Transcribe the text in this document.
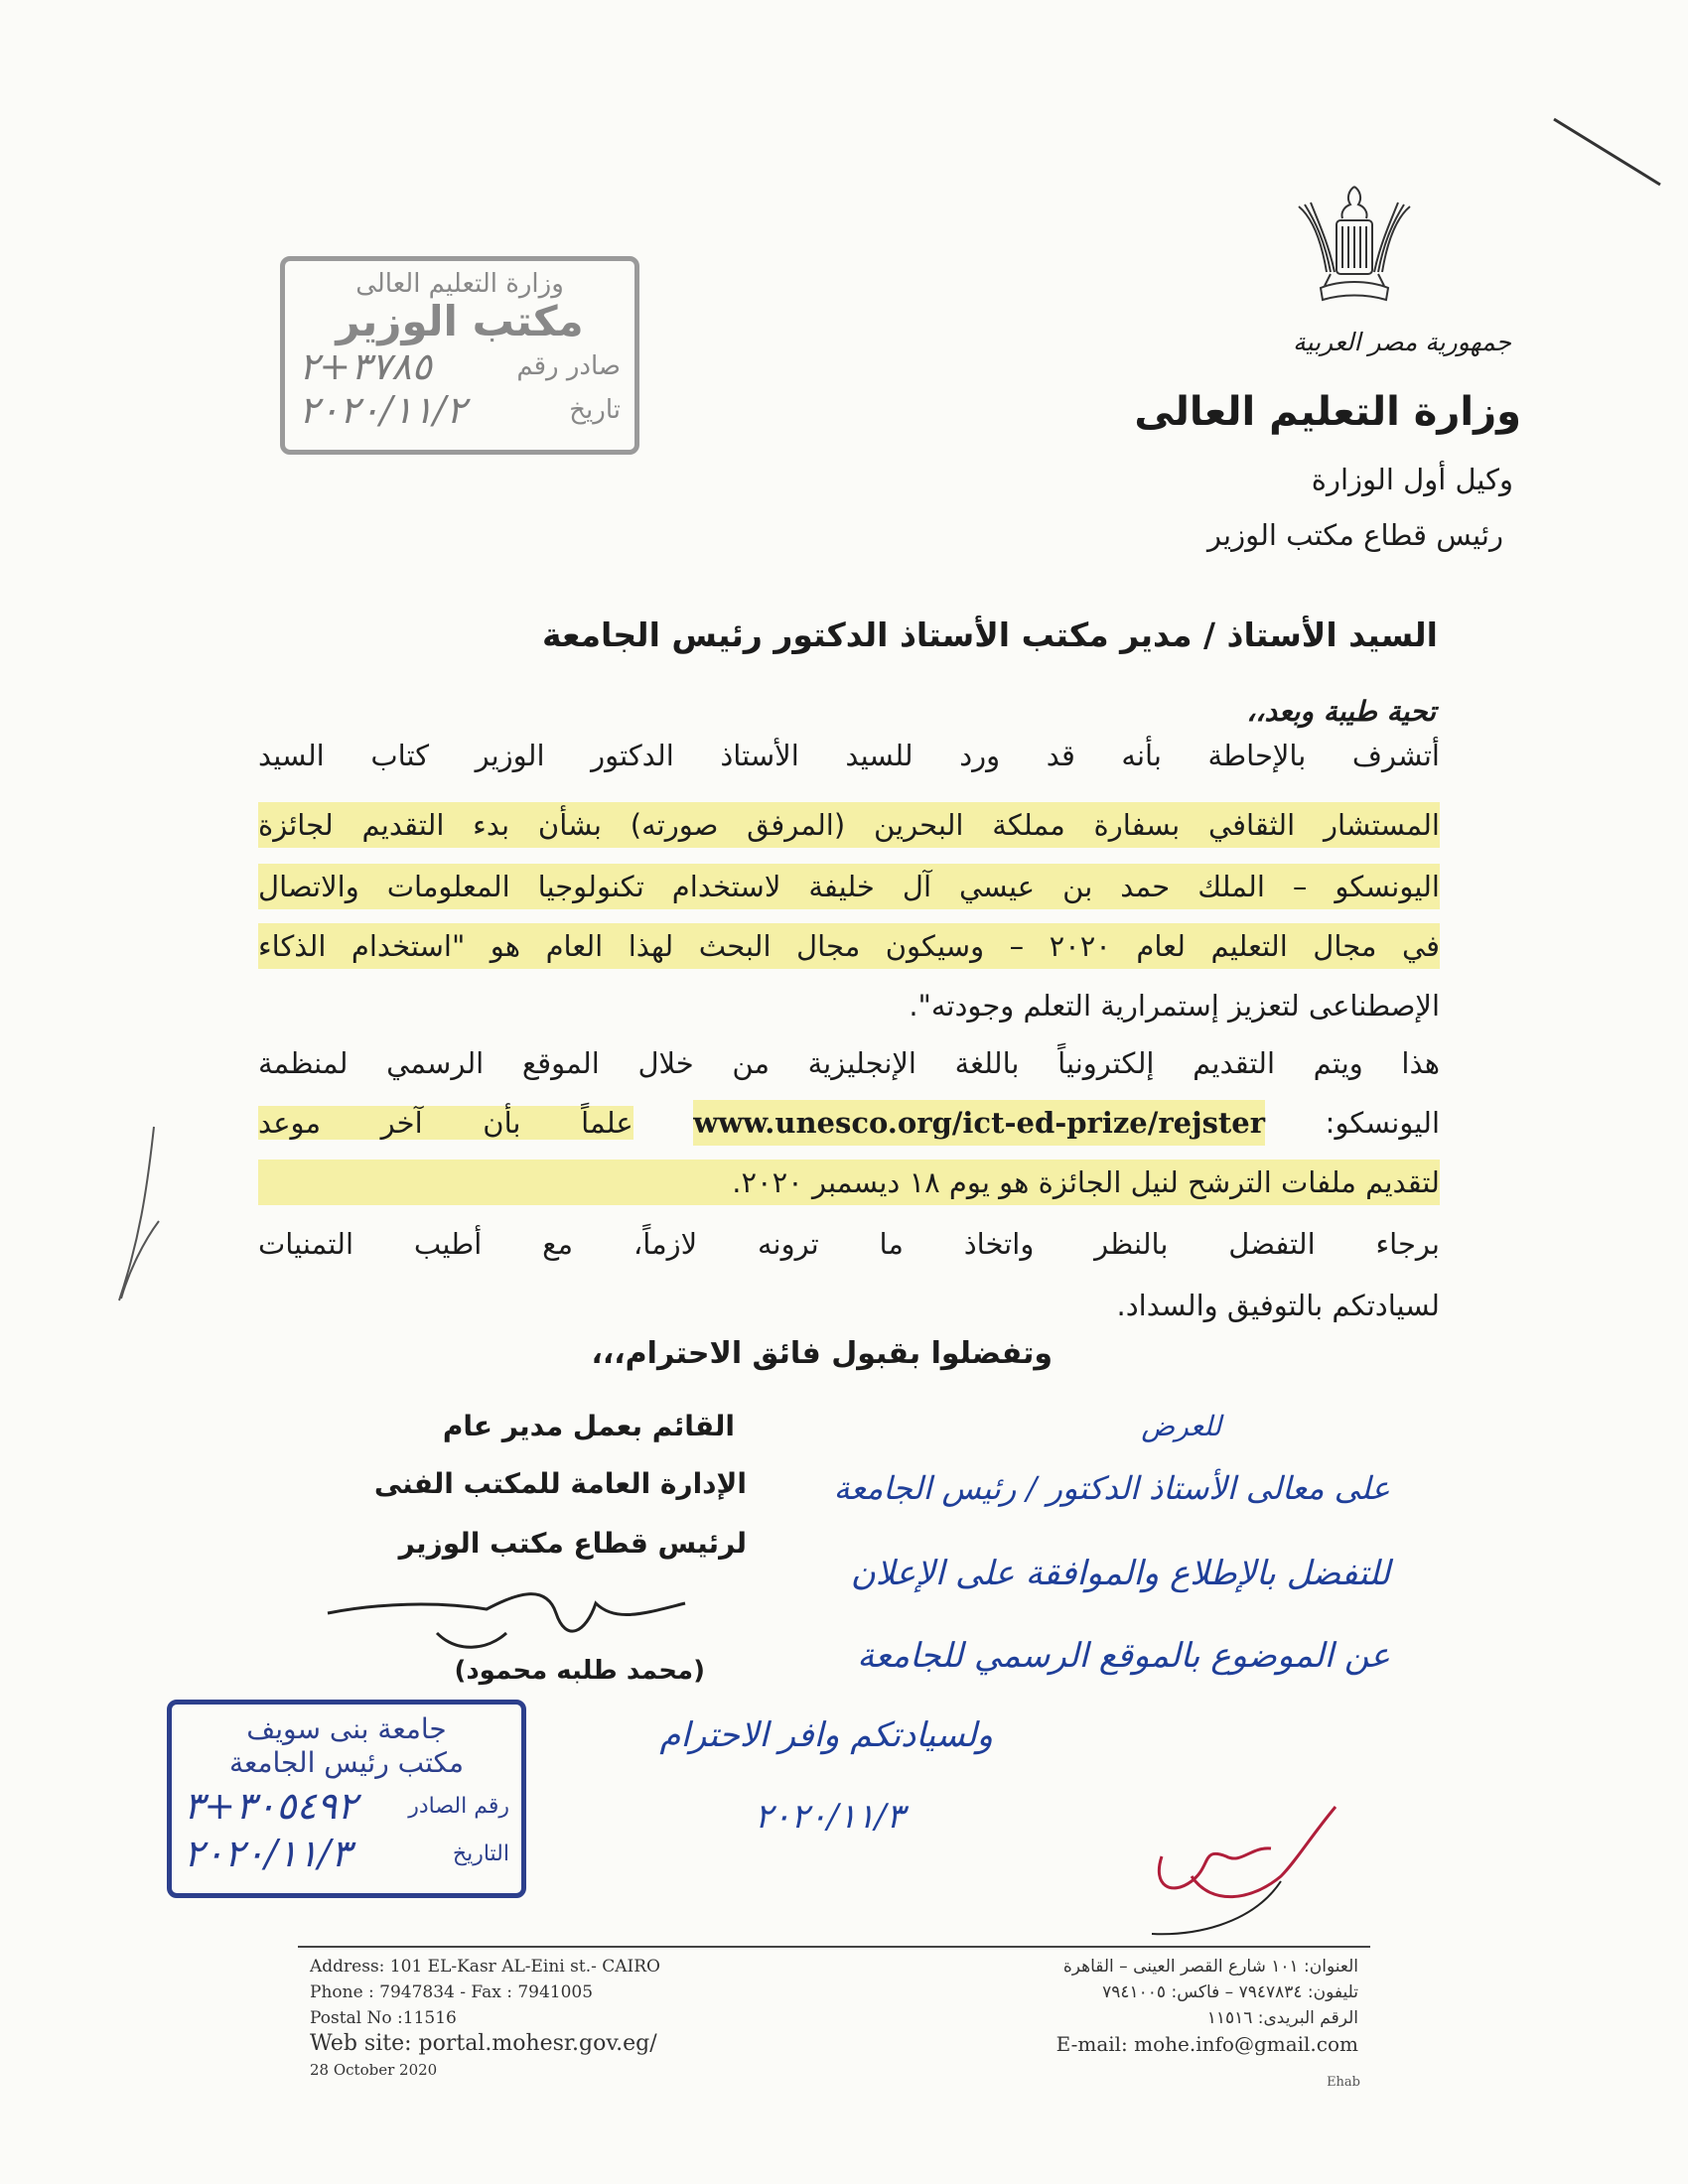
جمهورية مصر العربية
وزارة التعليم العالى
وكيل أول الوزارة
رئيس قطاع مكتب الوزير
وزارة التعليم العالى
مكتب الوزير
صادر رقم
٣٧٨٥+٢
تاريخ
٢٠٢٠/١١/٢
السيد الأستاذ / مدير مكتب الأستاذ الدكتور رئيس الجامعة
تحية طيبة وبعد،،
أتشرف بالإحاطة بأنه قد ورد للسيد الأستاذ الدكتور الوزير كتاب السيد
المستشار الثقافي بسفارة مملكة البحرين (المرفق صورته) بشأن بدء التقديم لجائزة
اليونسكو – الملك حمد بن عيسي آل خليفة لاستخدام تكنولوجيا المعلومات والاتصال
في مجال التعليم لعام ٢٠٢٠ – وسيكون مجال البحث لهذا العام هو "استخدام الذكاء
الإصطناعى لتعزيز إستمرارية التعلم وجودته".
هذا ويتم التقديم إلكترونياً باللغة الإنجليزية من خلال الموقع الرسمي لمنظمة
اليونسكو: www.unesco.org/ict-ed-prize/rejster علماً بأن آخر موعد
لتقديم ملفات الترشح لنيل الجائزة هو يوم ١٨ ديسمبر ٢٠٢٠.
برجاء التفضل بالنظر واتخاذ ما ترونه لازماً، مع أطيب التمنيات
لسيادتكم بالتوفيق والسداد.
وتفضلوا بقبول فائق الاحترام،،،
القائم بعمل مدير عام
الإدارة العامة للمكتب الفنى
لرئيس قطاع مكتب الوزير
(محمد طلبه محمود)
للعرض
على معالى الأستاذ الدكتور / رئيس الجامعة
للتفضل بالإطلاع والموافقة على الإعلان
عن الموضوع بالموقع الرسمي للجامعة
ولسيادتكم وافر الاحترام
٢٠٢٠/١١/٣
جامعة بنى سويف
مكتب رئيس الجامعة
رقم الصادر
٣٠٥٤٩٢+٣
التاريخ
٢٠٢٠/١١/٣
Address: 101 EL-Kasr AL-Eini st.- CAIRO
Phone : 7947834 - Fax : 7941005
Postal No :11516
Web site: portal.mohesr.gov.eg/
28 October 2020
العنوان: ١٠١ شارع القصر العينى – القاهرة
تليفون: ٧٩٤٧٨٣٤ – فاكس: ٧٩٤١٠٠٥
الرقم البريدى: ١١٥١٦
E-mail: mohe.info@gmail.com
Ehab
